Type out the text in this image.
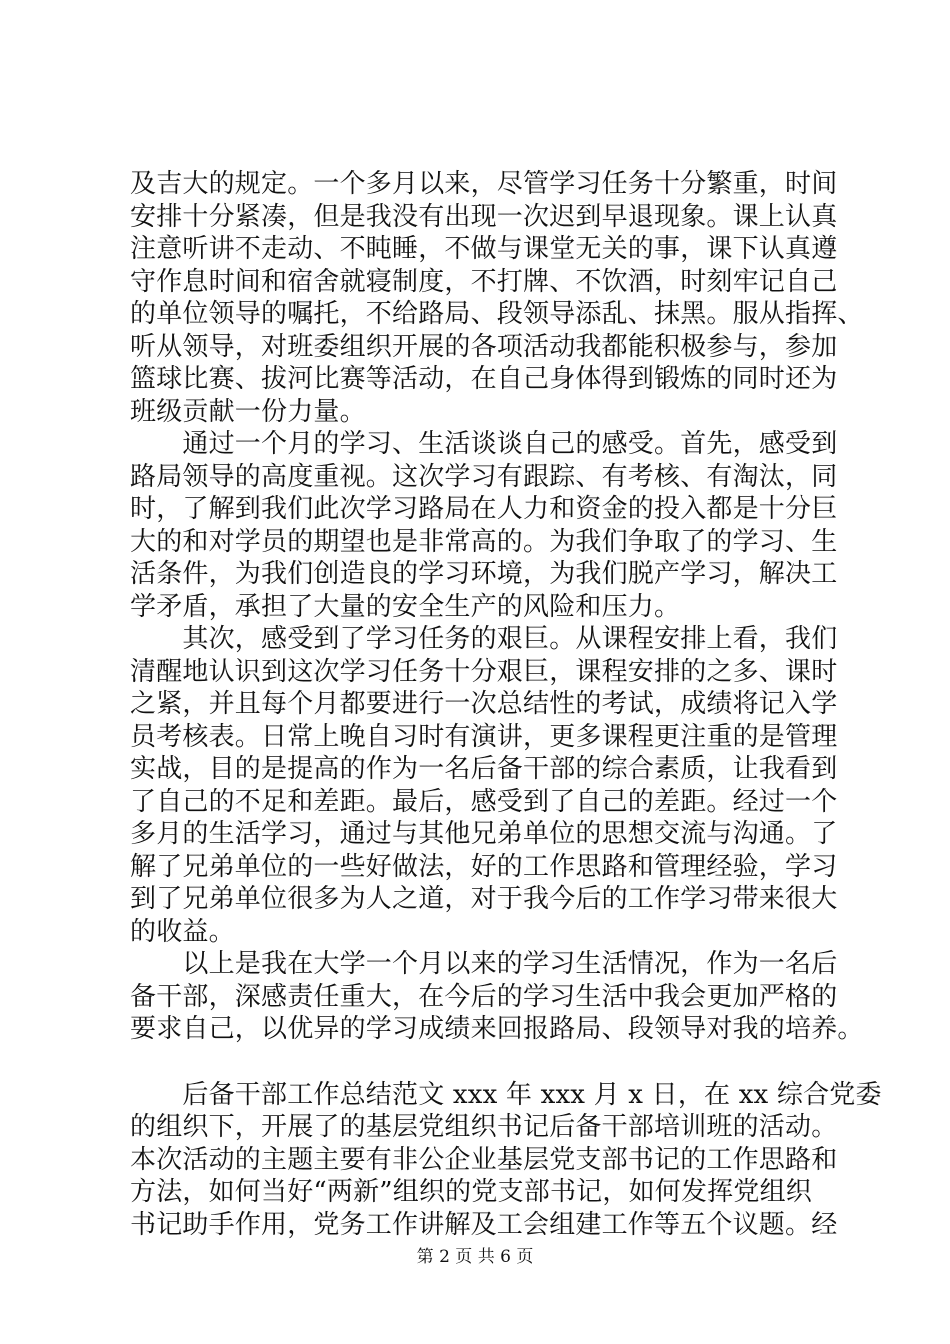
及吉大的规定。一个多月以来，尽管学习任务十分繁重，时间
安排十分紧凑，但是我没有出现一次迟到早退现象。课上认真
注意听讲不走动、不盹睡，不做与课堂无关的事，课下认真遵
守作息时间和宿舍就寝制度，不打牌、不饮酒，时刻牢记自己
的单位领导的嘱托，不给路局、段领导添乱、抹黑。服从指挥、
听从领导，对班委组织开展的各项活动我都能积极参与，参加
篮球比赛、拔河比赛等活动，在自己身体得到锻炼的同时还为
班级贡献一份力量。
　　通过一个月的学习、生活谈谈自己的感受。首先，感受到
路局领导的高度重视。这次学习有跟踪、有考核、有淘汰，同
时，了解到我们此次学习路局在人力和资金的投入都是十分巨
大的和对学员的期望也是非常高的。为我们争取了的学习、生
活条件，为我们创造良的学习环境，为我们脱产学习，解决工
学矛盾，承担了大量的安全生产的风险和压力。
　　其次，感受到了学习任务的艰巨。从课程安排上看，我们
清醒地认识到这次学习任务十分艰巨，课程安排的之多、课时
之紧，并且每个月都要进行一次总结性的考试，成绩将记入学
员考核表。日常上晚自习时有演讲，更多课程更注重的是管理
实战，目的是提高的作为一名后备干部的综合素质，让我看到
了自己的不足和差距。最后，感受到了自己的差距。经过一个
多月的生活学习，通过与其他兄弟单位的思想交流与沟通。了
解了兄弟单位的一些好做法，好的工作思路和管理经验，学习
到了兄弟单位很多为人之道，对于我今后的工作学习带来很大
的收益。
　　以上是我在大学一个月以来的学习生活情况，作为一名后
备干部，深感责任重大，在今后的学习生活中我会更加严格的
要求自己，以优异的学习成绩来回报路局、段领导对我的培养。
　　后备干部工作总结范文 xxx 年 xxx 月 x 日，在 xx 综合党委
的组织下，开展了的基层党组织书记后备干部培训班的活动。
本次活动的主题主要有非公企业基层党支部书记的工作思路和
方法，如何当好“两新”组织的党支部书记，如何发挥党组织
书记助手作用，党务工作讲解及工会组建工作等五个议题。经
第 2 页 共 6 页
